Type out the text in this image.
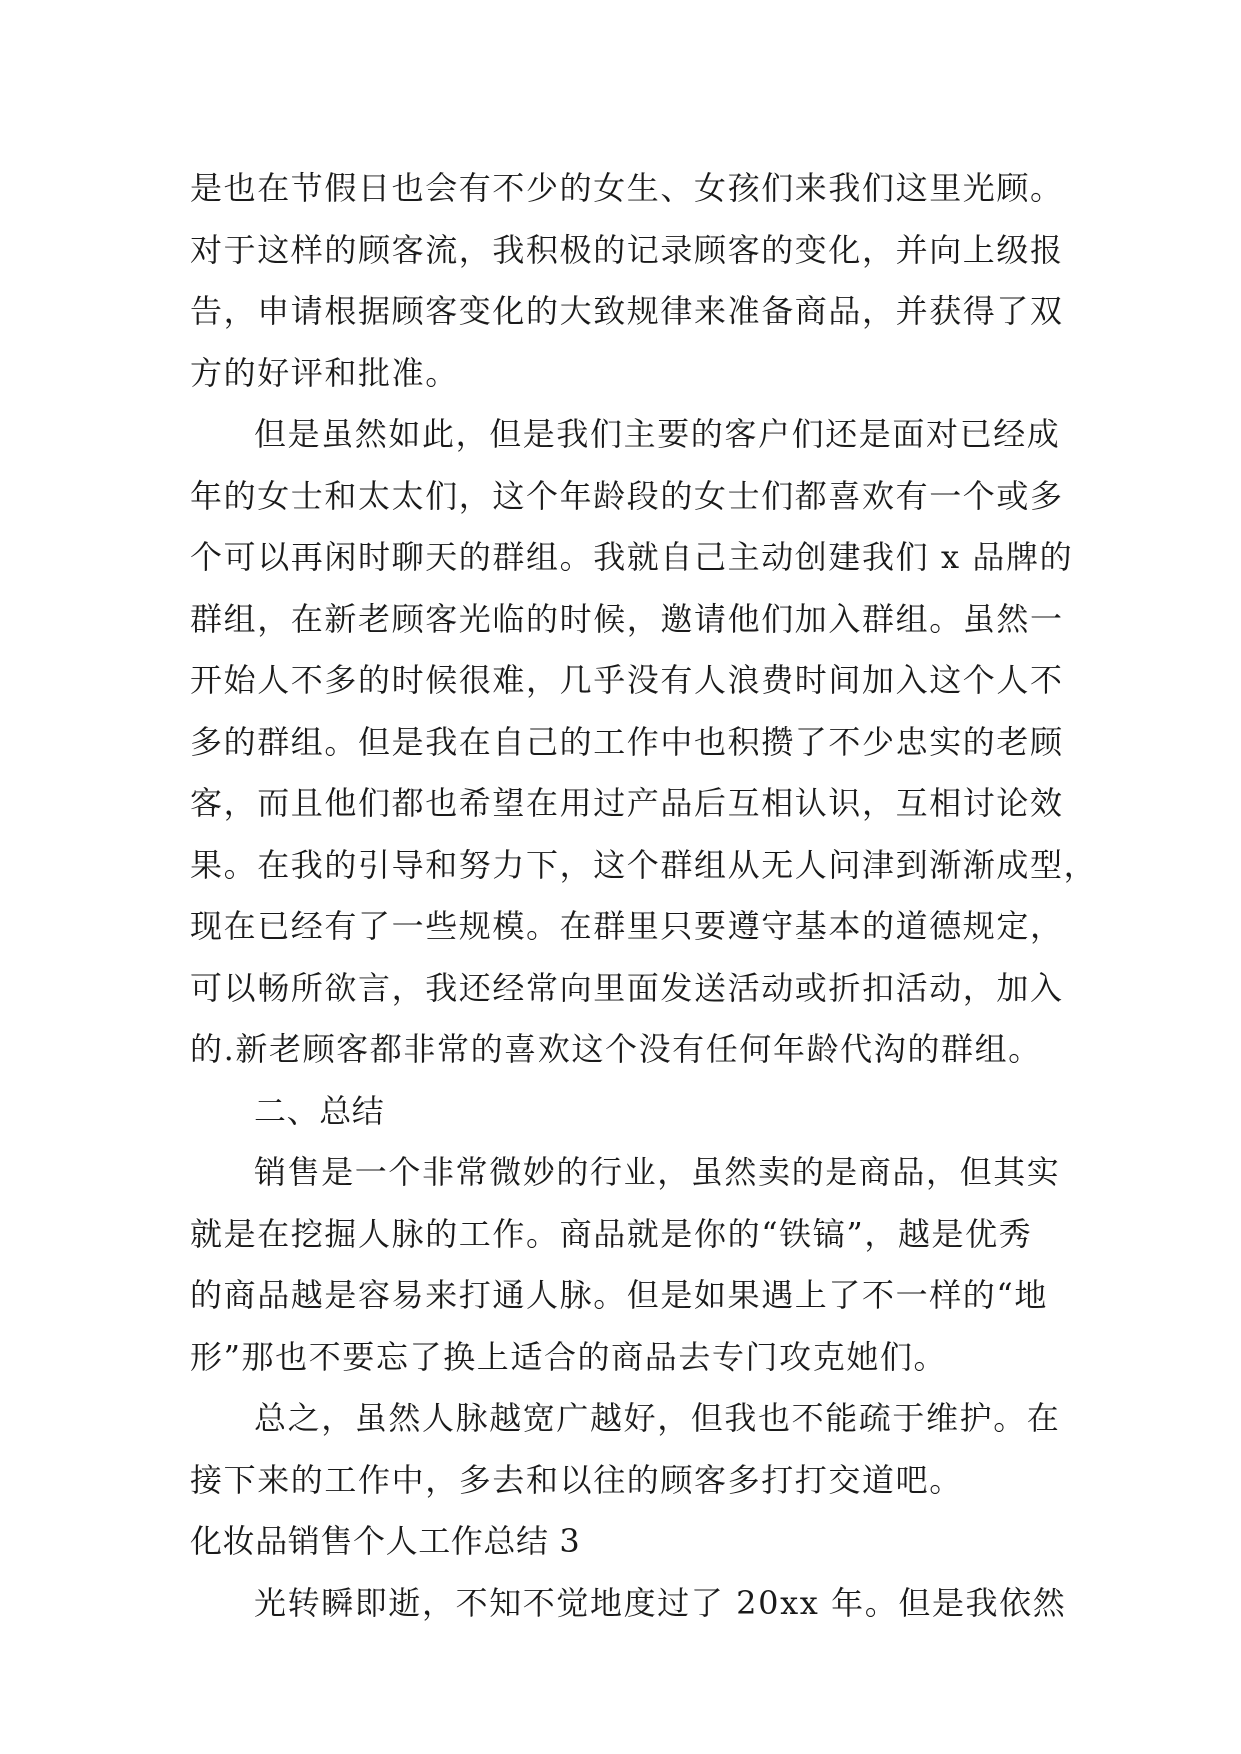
是也在节假日也会有不少的女生、女孩们来我们这里光顾。
对于这样的顾客流，我积极的记录顾客的变化，并向上级报
告，申请根据顾客变化的大致规律来准备商品，并获得了双
方的好评和批准。
但是虽然如此，但是我们主要的客户们还是面对已经成
年的女士和太太们，这个年龄段的女士们都喜欢有一个或多
个可以再闲时聊天的群组。我就自己主动创建我们 x 品牌的
群组，在新老顾客光临的时候，邀请他们加入群组。虽然一
开始人不多的时候很难，几乎没有人浪费时间加入这个人不
多的群组。但是我在自己的工作中也积攒了不少忠实的老顾
客，而且他们都也希望在用过产品后互相认识，互相讨论效
果。在我的引导和努力下，这个群组从无人问津到渐渐成型，
现在已经有了一些规模。在群里只要遵守基本的道德规定，
可以畅所欲言，我还经常向里面发送活动或折扣活动，加入
的.新老顾客都非常的喜欢这个没有任何年龄代沟的群组。
二、总结
销售是一个非常微妙的行业，虽然卖的是商品，但其实
就是在挖掘人脉的工作。商品就是你的“铁镐”，越是优秀
的商品越是容易来打通人脉。但是如果遇上了不一样的“地
形”那也不要忘了换上适合的商品去专门攻克她们。
总之，虽然人脉越宽广越好，但我也不能疏于维护。在
接下来的工作中，多去和以往的顾客多打打交道吧。
化妆品销售个人工作总结 3
光转瞬即逝，不知不觉地度过了 20xx 年。但是我依然
